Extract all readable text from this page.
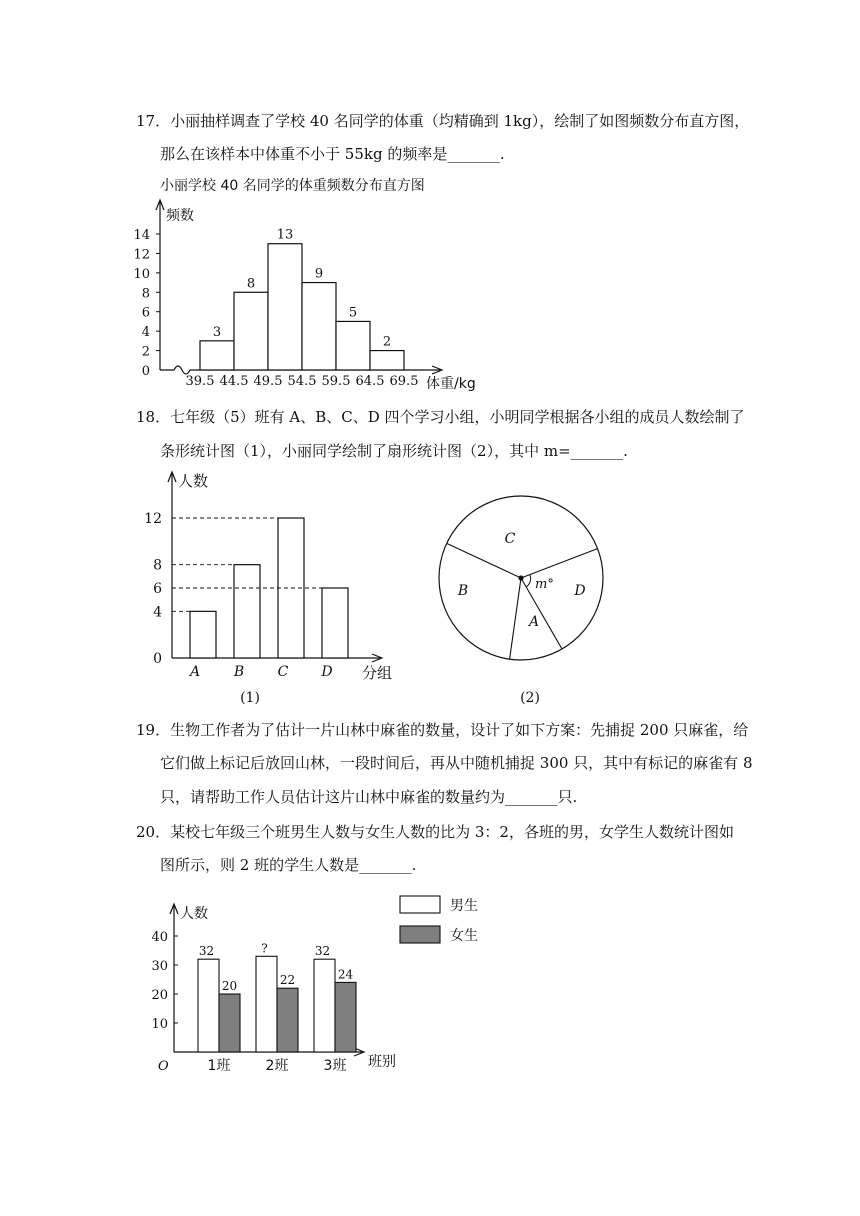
17．小丽抽样调查了学校 40 名同学的体重（均精确到 1kg），绘制了如图频数分布直方图，
那么在该样本中体重不小于 55kg 的频率是_______.
小丽学校 40 名同学的体重频数分布直方图
频数
体重/kg
0
2
4
6
8
10
12
14
3
8
13
9
5
2
39.5 44.5 49.5 54.5 59.5 64.5 69.5
18．七年级（5）班有 A、B、C、D 四个学习小组，小明同学根据各小组的成员人数绘制了
条形统计图（1），小丽同学绘制了扇形统计图（2），其中 m=_______.
人数
分组
0
4
6
8
12
A B C D
(1)
m°
C
B
A
D
(2)
19．生物工作者为了估计一片山林中麻雀的数量，设计了如下方案：先捕捉 200 只麻雀，给
它们做上标记后放回山林，一段时间后，再从中随机捕捉 300 只，其中有标记的麻雀有 8
只，请帮助工作人员估计这片山林中麻雀的数量约为_______只.
20．某校七年级三个班男生人数与女生人数的比为 3：2，各班的男，女学生人数统计图如
图所示，则 2 班的学生人数是_______.
人数
班别
O
10
20
30
40
32
20
1班
?
22
2班
32
24
3班
男生
女生
